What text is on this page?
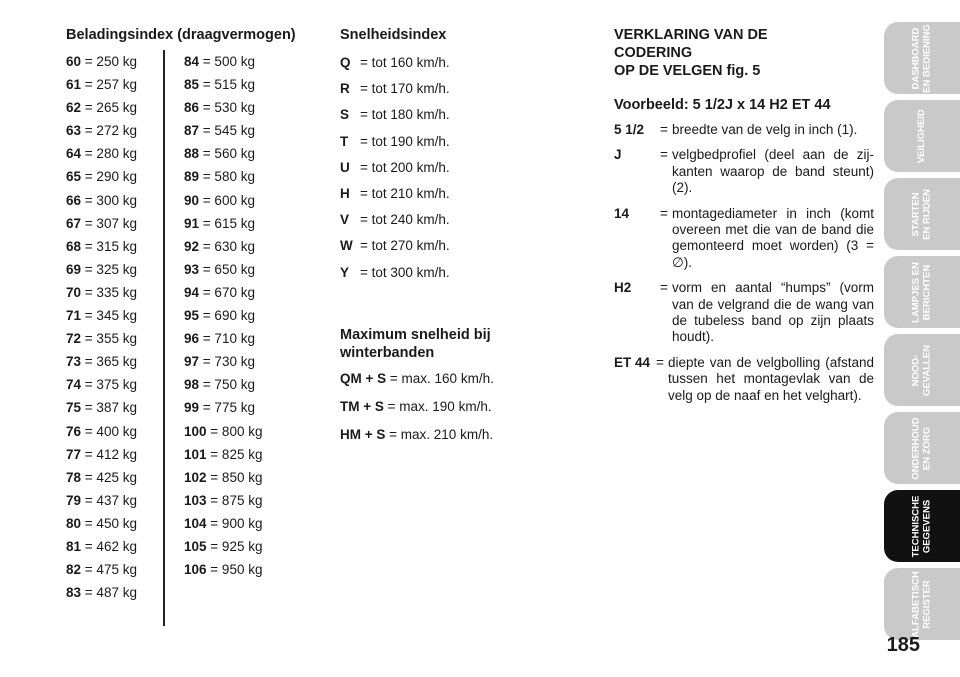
Beladingsindex (draagvermogen)
60 = 250 kg
61 = 257 kg
62 = 265 kg
63 = 272 kg
64 = 280 kg
65 = 290 kg
66 = 300 kg
67 = 307 kg
68 = 315 kg
69 = 325 kg
70 = 335 kg
71 = 345 kg
72 = 355 kg
73 = 365 kg
74 = 375 kg
75 = 387 kg
76 = 400 kg
77 = 412 kg
78 = 425 kg
79 = 437 kg
80 = 450 kg
81 = 462 kg
82 = 475 kg
83 = 487 kg
84 = 500 kg
85 = 515 kg
86 = 530 kg
87 = 545 kg
88 = 560 kg
89 = 580 kg
90 = 600 kg
91 = 615 kg
92 = 630 kg
93 = 650 kg
94 = 670 kg
95 = 690 kg
96 = 710 kg
97 = 730 kg
98 = 750 kg
99 = 775 kg
100 = 800 kg
101 = 825 kg
102 = 850 kg
103 = 875 kg
104 = 900 kg
105 = 925 kg
106 = 950 kg
Snelheidsindex
Q = tot 160 km/h.
R = tot 170 km/h.
S = tot 180 km/h.
T = tot 190 km/h.
U = tot 200 km/h.
H = tot 210 km/h.
V = tot 240 km/h.
W = tot 270 km/h.
Y = tot 300 km/h.
Maximum snelheid bij
winterbanden
QM + S = max. 160 km/h.
TM + S = max. 190 km/h.
HM + S = max. 210 km/h.
VERKLARING VAN DE
CODERING
OP DE VELGEN fig. 5
Voorbeeld: 5 1/2J x 14 H2 ET 44
5 1/2	= breedte van de velg in inch (1).
J	= velgbedprofiel (deel aan de zij-kanten waarop de band steunt) (2).
14	= montagediameter in inch (komt overeen met die van de band die gemonteerd moet worden) (3 = ∅).
H2	= vorm en aantal “humps” (vorm van de velgrand die de wang van de tubeless band op zijn plaats houdt).
ET 44 = diepte van de velgbolling (afstand tussen het montagevlak van de velg op de naaf en het velghart).
DASHBOARD
EN BEDIENING
VEILIGHEID
STARTEN
EN RIJDEN
LAMPJES EN
BERICHTEN
NOOD-
GEVALLEN
ONDERHOUD
EN ZORG
TECHNISCHE
GEGEVENS
ALFABETISCH
REGISTER
185
